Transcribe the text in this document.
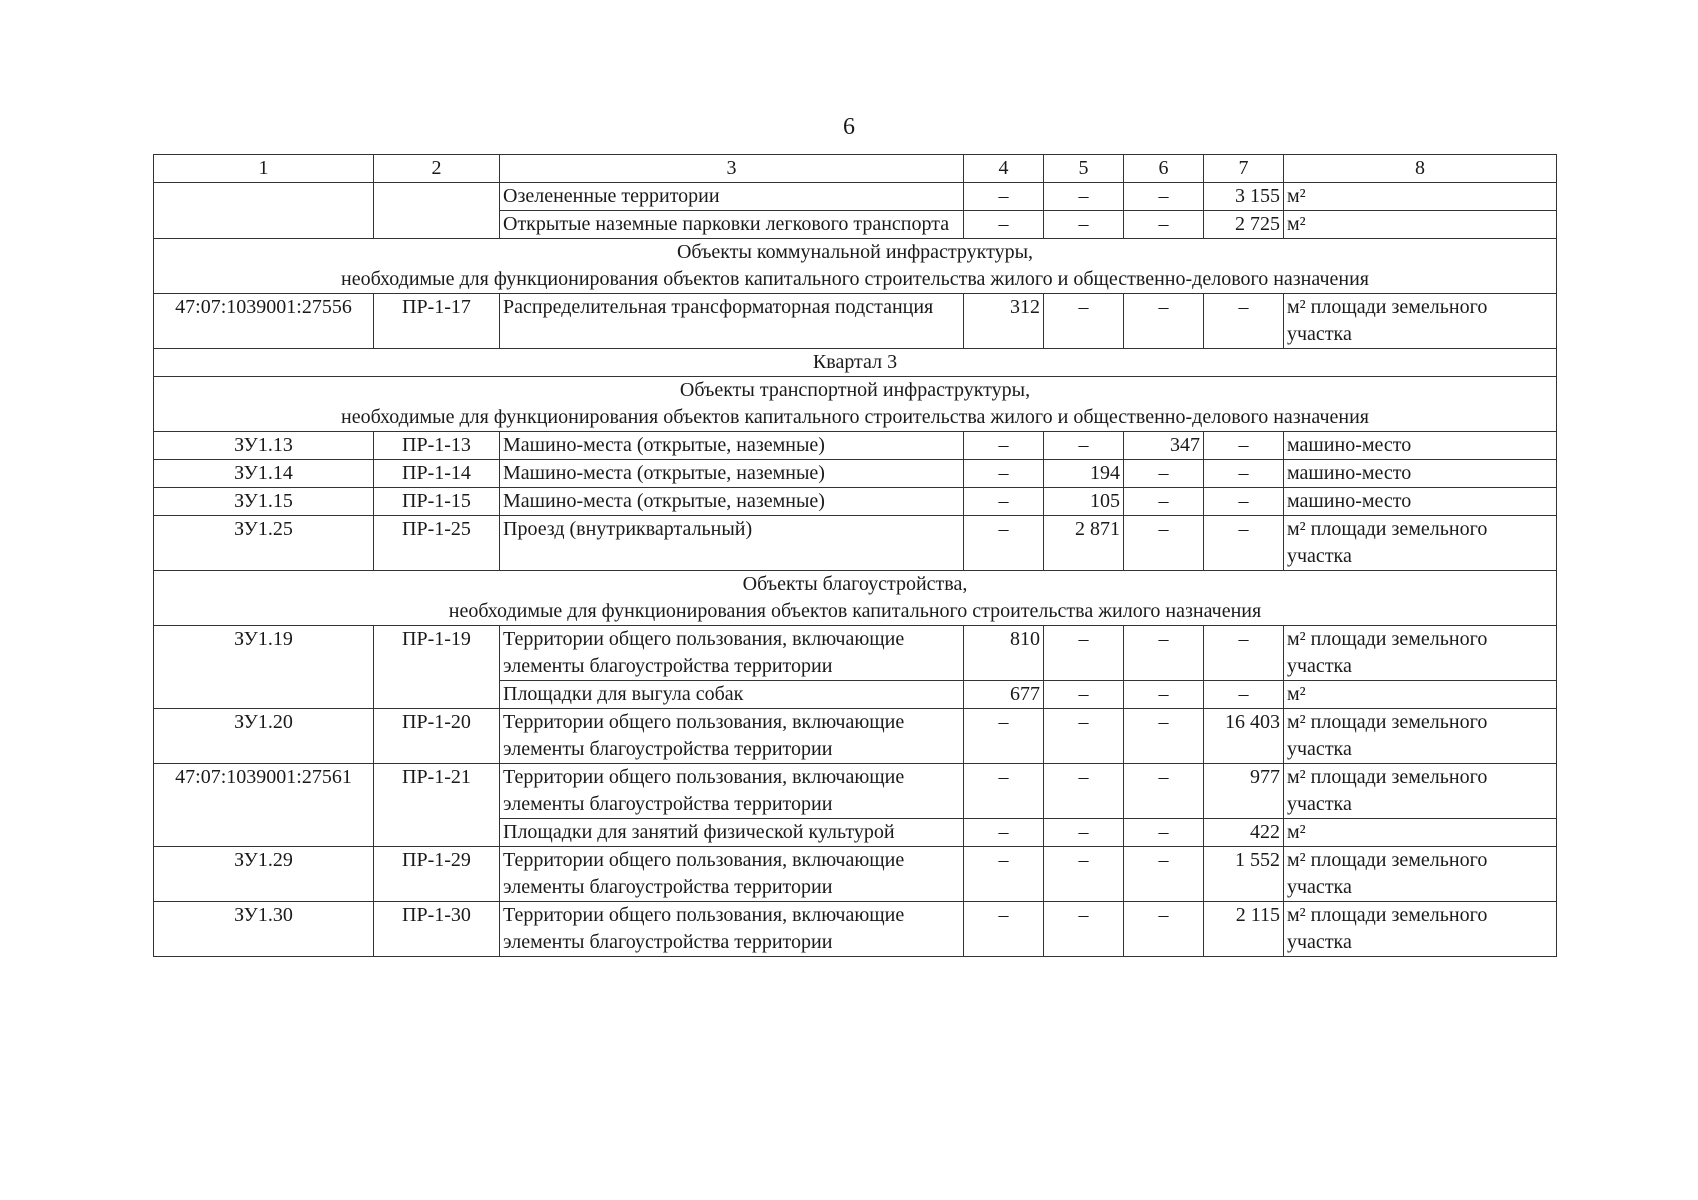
6
1	2	3	4	5	6	7	8
		Озелененные территории	–	–	–	3 155	м²
		Открытые наземные парковки легкового транспорта	–	–	–	2 725	м²

Объекты коммунальной инфраструктуры,
необходимые для функционирования объектов капитального строительства жилого и общественно-делового назначения							

47:07:1039001:27556	ПР-1-17	Распределительная трансформаторная подстанция	312	–	–	–	м² площади земельного участка
Квартал 3							

Объекты транспортной инфраструктуры,
необходимые для функционирования объектов капитального строительства жилого и общественно-делового назначения							

ЗУ1.13	ПР-1-13	Машино-места (открытые, наземные)	–	–	347	–	машино-место
ЗУ1.14	ПР-1-14	Машино-места (открытые, наземные)	–	194	–	–	машино-место
ЗУ1.15	ПР-1-15	Машино-места (открытые, наземные)	–	105	–	–	машино-место
ЗУ1.25	ПР-1-25	Проезд (внутриквартальный)	–	2 871	–	–	м² площади земельного участка

Объекты благоустройства,
необходимые для функционирования объектов капитального строительства жилого назначения							

ЗУ1.19	ПР-1-19	Территории общего пользования, включающие элементы благоустройства территории	810	–	–	–	м² площади земельного участка
		Площадки для выгула собак	677	–	–	–	м²
ЗУ1.20	ПР-1-20	Территории общего пользования, включающие элементы благоустройства территории	–	–	–	16 403	м² площади земельного участка
47:07:1039001:27561	ПР-1-21	Территории общего пользования, включающие элементы благоустройства территории	–	–	–	977	м² площади земельного участка
		Площадки для занятий физической культурой	–	–	–	422	м²
ЗУ1.29	ПР-1-29	Территории общего пользования, включающие элементы благоустройства территории	–	–	–	1 552	м² площади земельного участка
ЗУ1.30	ПР-1-30	Территории общего пользования, включающие элементы благоустройства территории	–	–	–	2 115	м² площади земельного участка
